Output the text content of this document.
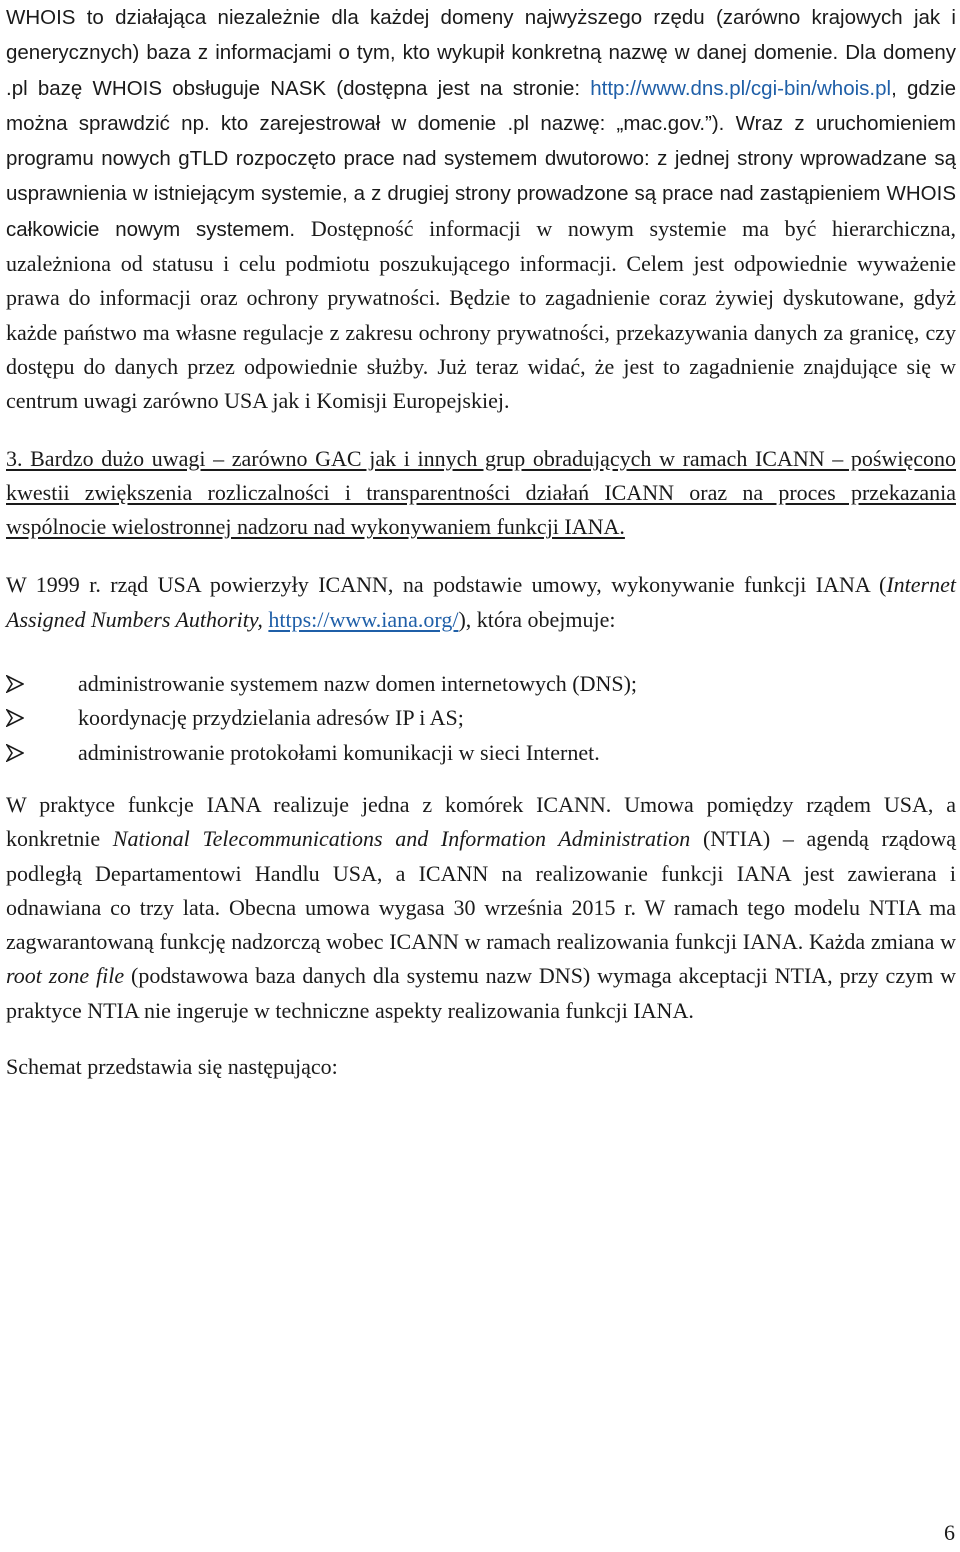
WHOIS to działająca niezależnie dla każdej domeny najwyższego rzędu (zarówno krajowych jak i generycznych) baza z informacjami o tym, kto wykupił konkretną nazwę w danej domenie. Dla domeny .pl bazę WHOIS obsługuje NASK (dostępna jest na stronie: http://www.dns.pl/cgi-bin/whois.pl, gdzie można sprawdzić np. kto zarejestrował w domenie .pl nazwę: „mac.gov.”). Wraz z uruchomieniem programu nowych gTLD rozpoczęto prace nad systemem dwutorowo: z jednej strony wprowadzane są usprawnienia w istniejącym systemie, a z drugiej strony prowadzone są prace nad zastąpieniem WHOIS całkowicie nowym systemem. Dostępność informacji w nowym systemie ma być hierarchiczna, uzależniona od statusu i celu podmiotu poszukującego informacji. Celem jest odpowiednie wyważenie prawa do informacji oraz ochrony prywatności. Będzie to zagadnienie coraz żywiej dyskutowane, gdyż każde państwo ma własne regulacje z zakresu ochrony prywatności, przekazywania danych za granicę, czy dostępu do danych przez odpowiednie służby. Już teraz widać, że jest to zagadnienie znajdujące się w centrum uwagi zarówno USA jak i Komisji Europejskiej.

3. Bardzo dużo uwagi – zarówno GAC jak i innych grup obradujących w ramach ICANN – poświęcono kwestii zwiększenia rozliczalności i transparentności działań ICANN oraz na proces przekazania wspólnocie wielostronnej nadzoru nad wykonywaniem funkcji IANA.

W 1999 r. rząd USA powierzyły ICANN, na podstawie umowy, wykonywanie funkcji IANA (Internet Assigned Numbers Authority, https://www.iana.org/), która obejmuje:

administrowanie systemem nazw domen internetowych (DNS);
koordynację przydzielania adresów IP i AS;
administrowanie protokołami komunikacji w sieci Internet.

W praktyce funkcje IANA realizuje jedna z komórek ICANN. Umowa pomiędzy rządem USA, a konkretnie National Telecommunications and Information Administration (NTIA) – agendą rządową podległą Departamentowi Handlu USA, a ICANN na realizowanie funkcji IANA jest zawierana i odnawiana co trzy lata. Obecna umowa wygasa 30 września 2015 r. W ramach tego modelu NTIA ma zagwarantowaną funkcję nadzorczą wobec ICANN w ramach realizowania funkcji IANA. Każda zmiana w root zone file (podstawowa baza danych dla systemu nazw DNS) wymaga akceptacji NTIA, przy czym w praktyce NTIA nie ingeruje w techniczne aspekty realizowania funkcji IANA.

Schemat przedstawia się następująco:

6
